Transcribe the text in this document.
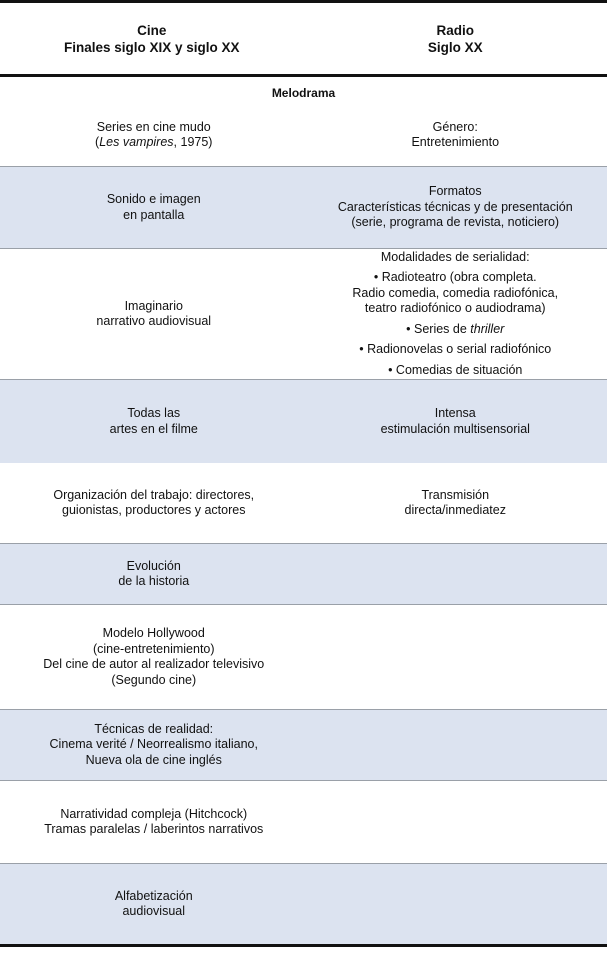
Cine
Finales siglo XIX y siglo XX
Radio
Siglo XX
Melodrama
Series en cine mudo
(Les vampires, 1975)
Género:
Entretenimiento
Sonido e imagen
en pantalla
Formatos
Características técnicas y de presentación
(serie, programa de revista, noticiero)
Imaginario
narrativo audiovisual
Modalidades de serialidad:
• Radioteatro (obra completa.
Radio comedia, comedia radiofónica,
teatro radiofónico o audiodrama)
• Series de thriller
• Radionovelas o serial radiofónico
• Comedias de situación
Todas las
artes en el filme
Intensa
estimulación multisensorial
Organización del trabajo: directores,
guionistas, productores y actores
Transmisión
directa/inmediatez
Evolución
de la historia
Modelo Hollywood
(cine-entretenimiento)
Del cine de autor al realizador televisivo
(Segundo cine)
Técnicas de realidad:
Cinema verité / Neorrealismo italiano,
Nueva ola de cine inglés
Narratividad compleja (Hitchcock)
Tramas paralelas / laberintos narrativos
Alfabetización
audiovisual
